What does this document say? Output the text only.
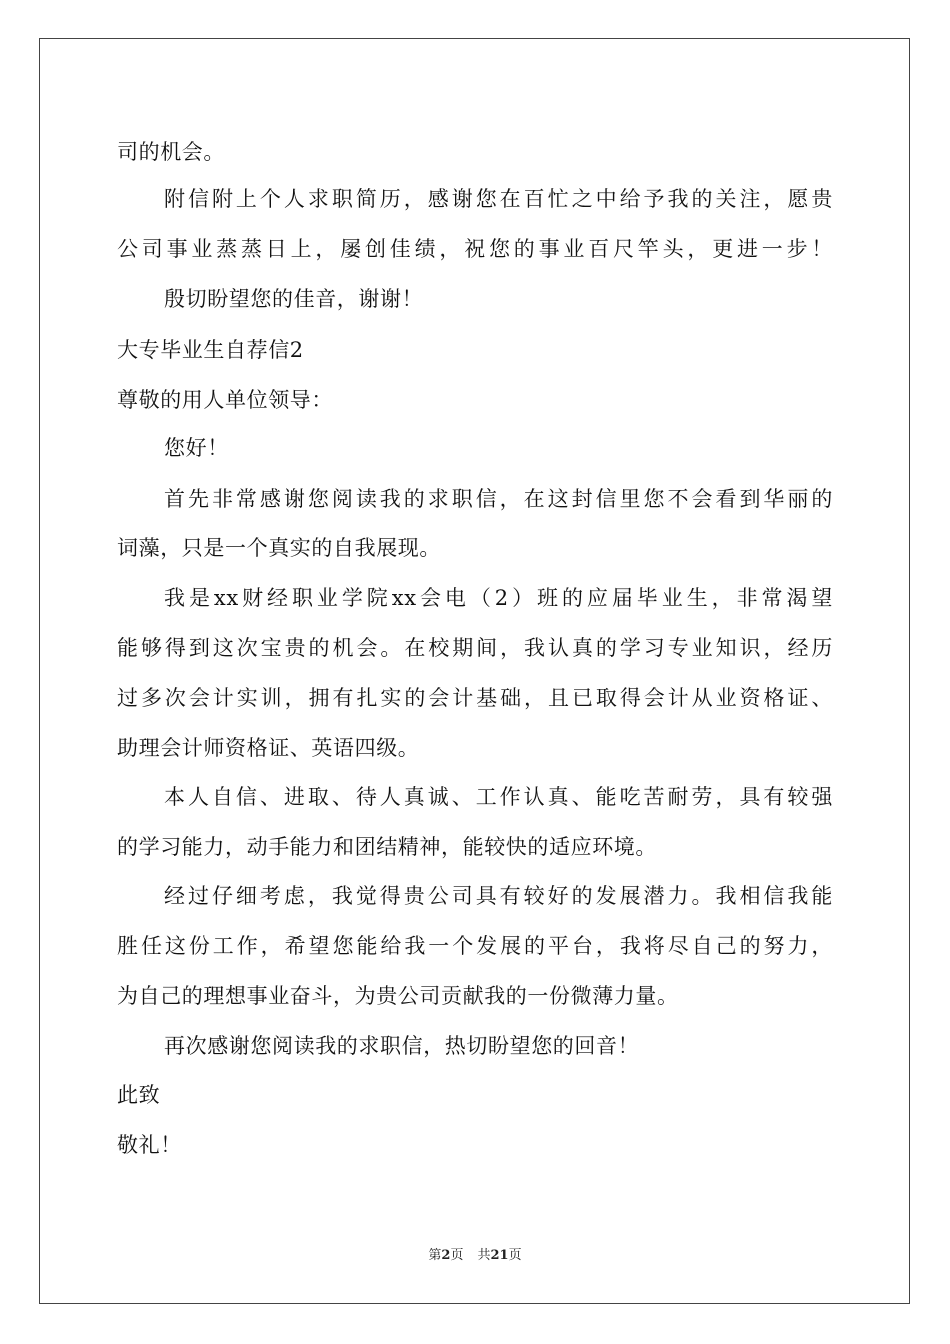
司的机会。
附信附上个人求职简历，感谢您在百忙之中给予我的关注，愿贵
公司事业蒸蒸日上，屡创佳绩，祝您的事业百尺竿头，更进一步！
殷切盼望您的佳音，谢谢！
大专毕业生自荐信2
尊敬的用人单位领导：
您好！
首先非常感谢您阅读我的求职信，在这封信里您不会看到华丽的
词藻，只是一个真实的自我展现。
我是xx财经职业学院xx会电（2）班的应届毕业生，非常渴望
能够得到这次宝贵的机会。在校期间，我认真的学习专业知识，经历
过多次会计实训，拥有扎实的会计基础，且已取得会计从业资格证、
助理会计师资格证、英语四级。
本人自信、进取、待人真诚、工作认真、能吃苦耐劳，具有较强
的学习能力，动手能力和团结精神，能较快的适应环境。
经过仔细考虑，我觉得贵公司具有较好的发展潜力。我相信我能
胜任这份工作，希望您能给我一个发展的平台，我将尽自己的努力，
为自己的理想事业奋斗，为贵公司贡献我的一份微薄力量。
再次感谢您阅读我的求职信，热切盼望您的回音！
此致
敬礼！
第2页 共21页
